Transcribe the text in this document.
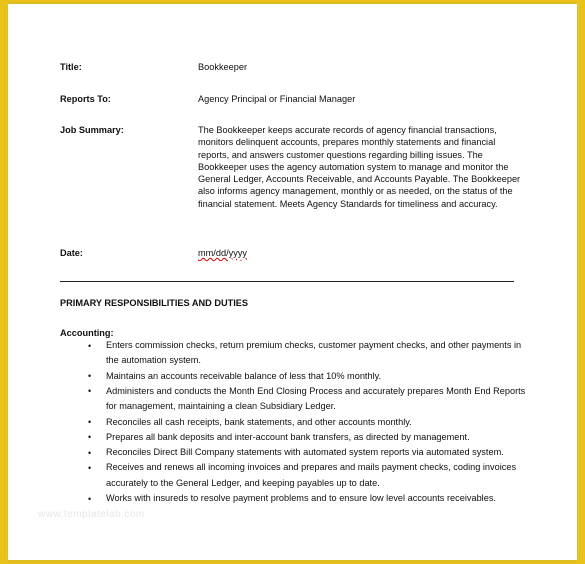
Title:	Bookkeeper
Reports To:	Agency Principal or Financial Manager
Job Summary:	The Bookkeeper keeps accurate records of agency financial transactions,
monitors delinquent accounts, prepares monthly statements and financial
reports, and answers customer questions regarding billing issues. The
Bookkeeper uses the agency automation system to manage and monitor the
General Ledger, Accounts Receivable, and Accounts Payable. The Bookkeeper
also informs agency management, monthly or as needed, on the status of the
financial statement. Meets Agency Standards for timeliness and accuracy.
Date:	mm/dd/yyyy
PRIMARY RESPONSIBILITIES AND DUTIES
Accounting:
• Enters commission checks, return premium checks, customer payment checks, and other payments in
the automation system.
• Maintains an accounts receivable balance of less that 10% monthly.
• Administers and conducts the Month End Closing Process and accurately prepares Month End Reports
for management, maintaining a clean Subsidiary Ledger.
• Reconciles all cash receipts, bank statements, and other accounts monthly.
• Prepares all bank deposits and inter-account bank transfers, as directed by management.
• Reconciles Direct Bill Company statements with automated system reports via automated system.
• Receives and renews all incoming invoices and prepares and mails payment checks, coding invoices
accurately to the General Ledger, and keeping payables up to date.
• Works with insureds to resolve payment problems and to ensure low level accounts receivables.
www.templatelab.com
